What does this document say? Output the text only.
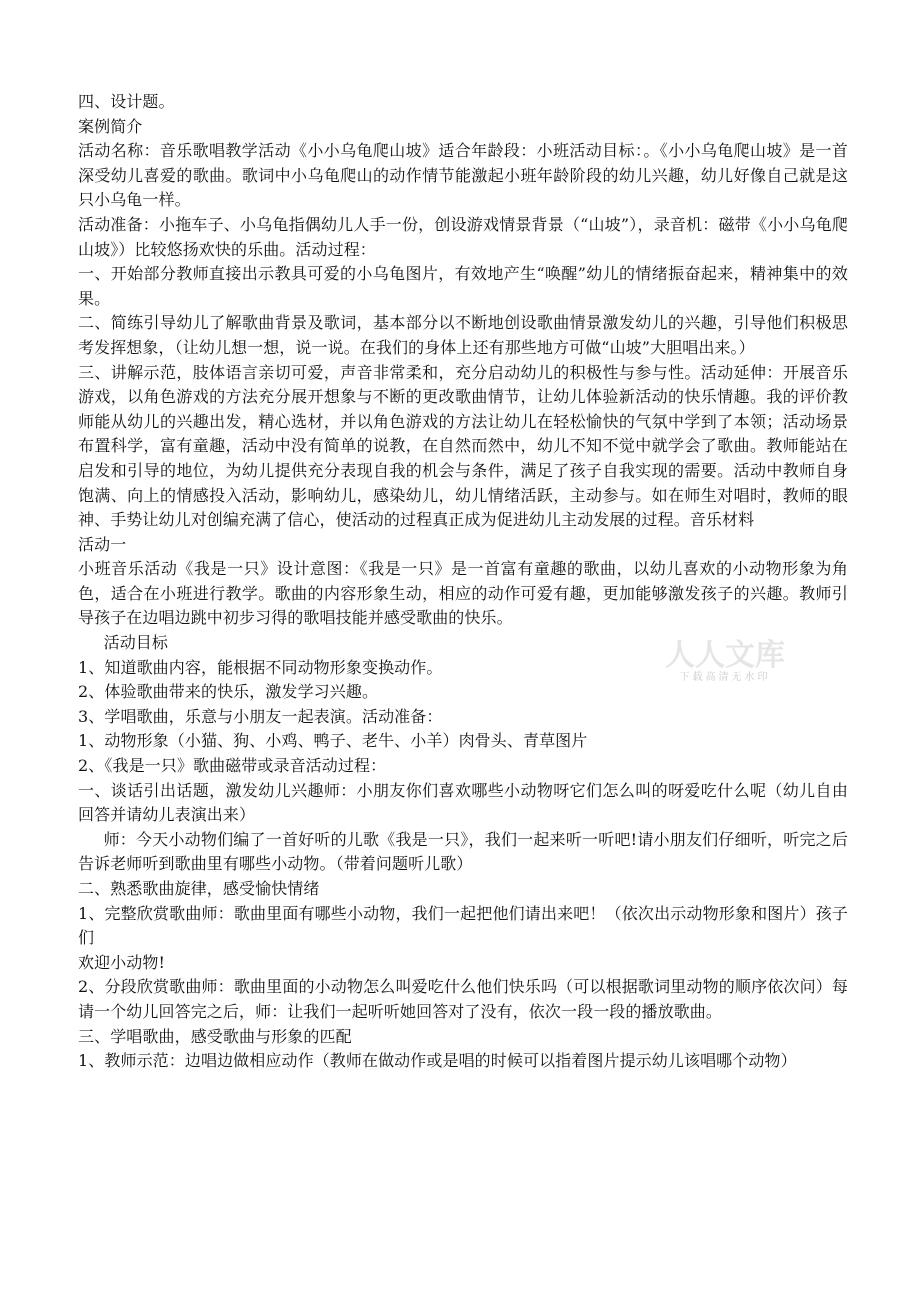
四、设计题。

案例简介

活动名称：音乐歌唱教学活动《小小乌龟爬山坡》适合年龄段：小班活动目标：。《小小乌龟爬山坡》是一首深受幼儿喜爱的歌曲。歌词中小乌龟爬山的动作情节能激起小班年龄阶段的幼儿兴趣，幼儿好像自己就是这只小乌龟一样。

活动准备：小拖车子、小乌龟指偶幼儿人手一份，创设游戏情景背景（“山坡”），录音机：磁带《小小乌龟爬山坡》）比较悠扬欢快的乐曲。活动过程：

一、开始部分教师直接出示教具可爱的小乌龟图片，有效地产生“唤醒”幼儿的情绪振奋起来，精神集中的效果。

二、简练引导幼儿了解歌曲背景及歌词，基本部分以不断地创设歌曲情景激发幼儿的兴趣，引导他们积极思考发挥想象，（让幼儿想一想，说一说。在我们的身体上还有那些地方可做“山坡”大胆唱出来。）

三、讲解示范，肢体语言亲切可爱，声音非常柔和，充分启动幼儿的积极性与参与性。活动延伸：开展音乐游戏，以角色游戏的方法充分展开想象与不断的更改歌曲情节，让幼儿体验新活动的快乐情趣。我的评价教师能从幼儿的兴趣出发，精心选材，并以角色游戏的方法让幼儿在轻松愉快的气氛中学到了本领；活动场景布置科学，富有童趣，活动中没有简单的说教，在自然而然中，幼儿不知不觉中就学会了歌曲。教师能站在启发和引导的地位，为幼儿提供充分表现自我的机会与条件，满足了孩子自我实现的需要。活动中教师自身饱满、向上的情感投入活动，影响幼儿，感染幼儿，幼儿情绪活跃，主动参与。如在师生对唱时，教师的眼神、手势让幼儿对创编充满了信心，使活动的过程真正成为促进幼儿主动发展的过程。音乐材料

活动一

小班音乐活动《我是一只》设计意图：《我是一只》是一首富有童趣的歌曲，以幼儿喜欢的小动物形象为角色，适合在小班进行教学。歌曲的内容形象生动，相应的动作可爱有趣，更加能够激发孩子的兴趣。教师引导孩子在边唱边跳中初步习得的歌唱技能并感受歌曲的快乐。

活动目标

1、知道歌曲内容，能根据不同动物形象变换动作。

2、体验歌曲带来的快乐，激发学习兴趣。

3、学唱歌曲，乐意与小朋友一起表演。活动准备：

1、动物形象（小猫、狗、小鸡、鸭子、老牛、小羊）肉骨头、青草图片

2、《我是一只》歌曲磁带或录音活动过程：

一、谈话引出话题，激发幼儿兴趣师：小朋友你们喜欢哪些小动物呀它们怎么叫的呀爱吃什么呢（幼儿自由回答并请幼儿表演出来）

师：今天小动物们编了一首好听的儿歌《我是一只》，我们一起来听一听吧!请小朋友们仔细听，听完之后告诉老师听到歌曲里有哪些小动物。（带着问题听儿歌）

二、熟悉歌曲旋律，感受愉快情绪

1、完整欣赏歌曲师：歌曲里面有哪些小动物，我们一起把他们请出来吧！（依次出示动物形象和图片）孩子们

欢迎小动物!

2、分段欣赏歌曲师：歌曲里面的小动物怎么叫爱吃什么他们快乐吗（可以根据歌词里动物的顺序依次问）每请一个幼儿回答完之后，师：让我们一起听听她回答对了没有，依次一段一段的播放歌曲。

三、学唱歌曲，感受歌曲与形象的匹配

1、教师示范：边唱边做相应动作（教师在做动作或是唱的时候可以指着图片提示幼儿该唱哪个动物）

人人文库
下载高清无水印
